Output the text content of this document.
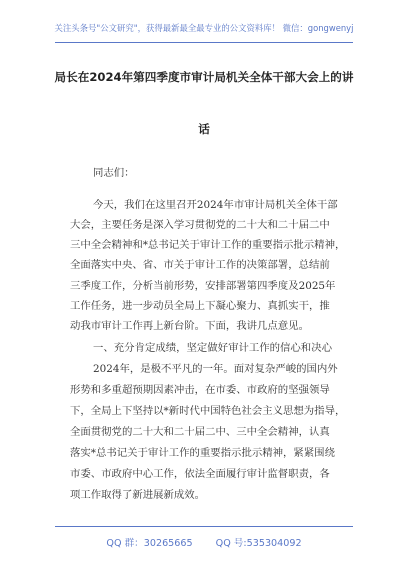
关注头条号"公文研究"，获得最新最全最专业的公文资料库！ 微信：gongwenyj
局长在2024年第四季度市审计局机关全体干部大会上的讲
话
同志们：
今天，我们在这里召开2024年市审计局机关全体干部
大会，主要任务是深入学习贯彻党的二十大和二十届二中
三中全会精神和*总书记关于审计工作的重要指示批示精神，
全面落实中央、省、市关于审计工作的决策部署，总结前
三季度工作，分析当前形势，安排部署第四季度及2025年
工作任务，进一步动员全局上下凝心聚力、真抓实干，推
动我市审计工作再上新台阶。下面，我讲几点意见。
一、充分肯定成绩，坚定做好审计工作的信心和决心
2024年，是极不平凡的一年。面对复杂严峻的国内外
形势和多重超预期因素冲击，在市委、市政府的坚强领导
下，全局上下坚持以*新时代中国特色社会主义思想为指导，
全面贯彻党的二十大和二十届二中、三中全会精神，认真
落实*总书记关于审计工作的重要指示批示精神，紧紧围绕
市委、市政府中心工作，依法全面履行审计监督职责，各
项工作取得了新进展新成效。
QQ 群：30265665 QQ 号:535304092
